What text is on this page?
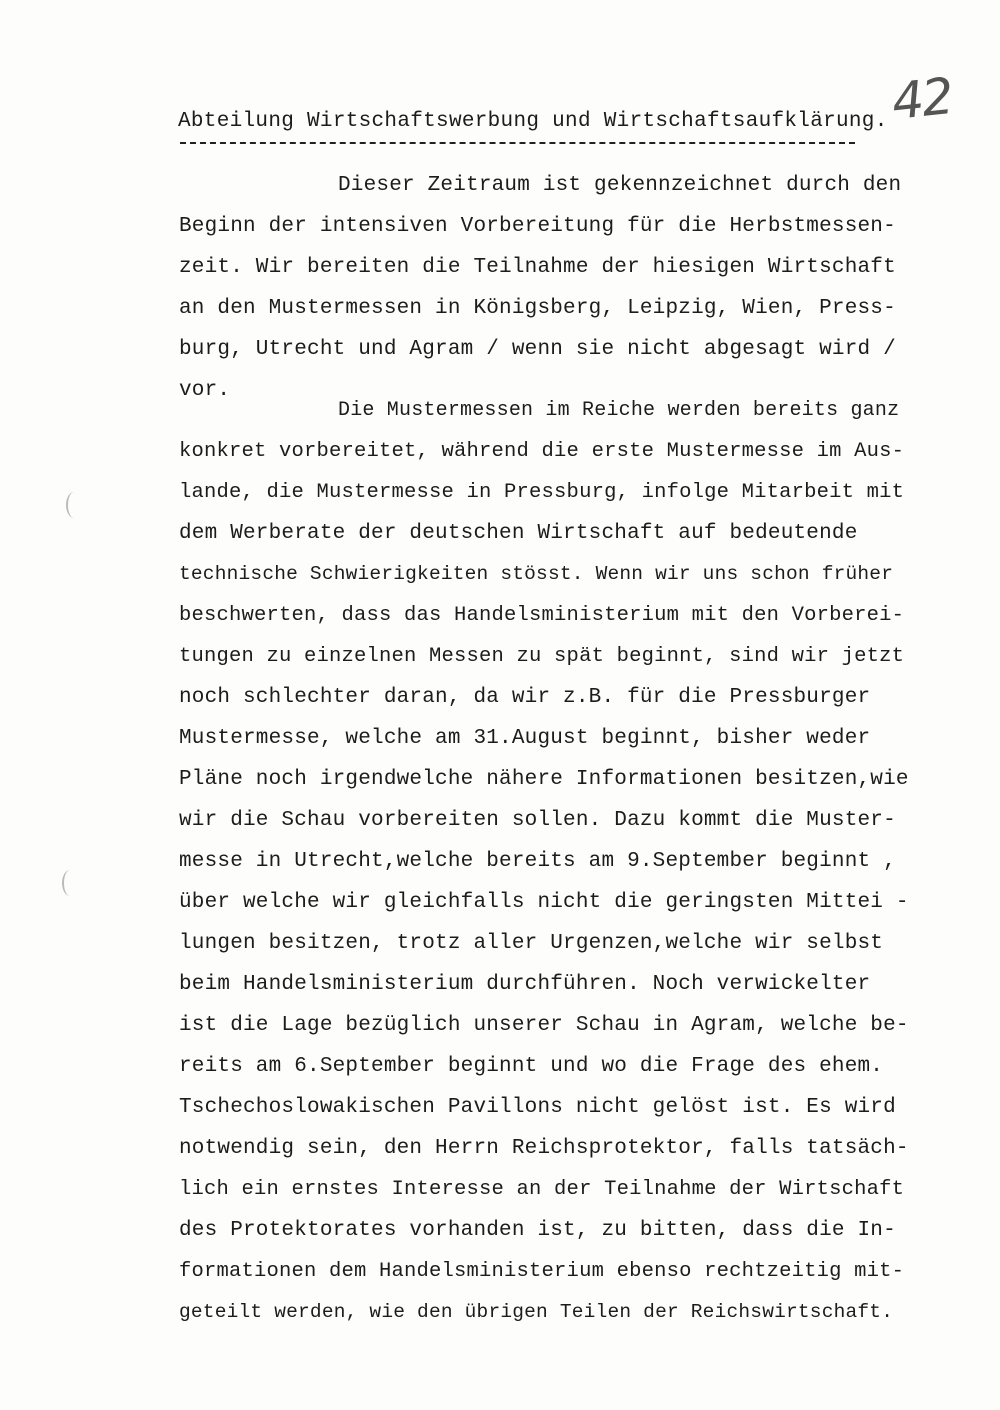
42
Abteilung Wirtschaftswerbung und Wirtschaftsaufklärung.
Dieser Zeitraum ist gekennzeichnet durch den
Beginn der intensiven Vorbereitung für die Herbstmessen-
zeit. Wir bereiten die Teilnahme der hiesigen Wirtschaft
an den Mustermessen in Königsberg, Leipzig, Wien, Press-
burg, Utrecht und Agram / wenn sie nicht abgesagt wird /
vor.
Die Mustermessen im Reiche werden bereits ganz
konkret vorbereitet, während die erste Mustermesse im Aus-
lande, die Mustermesse in Pressburg, infolge Mitarbeit mit
dem Werberate der deutschen Wirtschaft auf bedeutende
technische Schwierigkeiten stösst. Wenn wir uns schon früher
beschwerten, dass das Handelsministerium mit den Vorberei-
tungen zu einzelnen Messen zu spät beginnt, sind wir jetzt
noch schlechter daran, da wir z.B. für die Pressburger
Mustermesse, welche am 31.August beginnt, bisher weder
Pläne noch irgendwelche nähere Informationen besitzen,wie
wir die Schau vorbereiten sollen. Dazu kommt die Muster-
messe in Utrecht,welche bereits am 9.September beginnt ,
über welche wir gleichfalls nicht die geringsten Mittei -
lungen besitzen, trotz aller Urgenzen,welche wir selbst
beim Handelsministerium durchführen. Noch verwickelter
ist die Lage bezüglich unserer Schau in Agram, welche be-
reits am 6.September beginnt und wo die Frage des ehem.
Tschechoslowakischen Pavillons nicht gelöst ist. Es wird
notwendig sein, den Herrn Reichsprotektor, falls tatsäch-
lich ein ernstes Interesse an der Teilnahme der Wirtschaft
des Protektorates vorhanden ist, zu bitten, dass die In-
formationen dem Handelsministerium ebenso rechtzeitig mit-
geteilt werden, wie den übrigen Teilen der Reichswirtschaft.
